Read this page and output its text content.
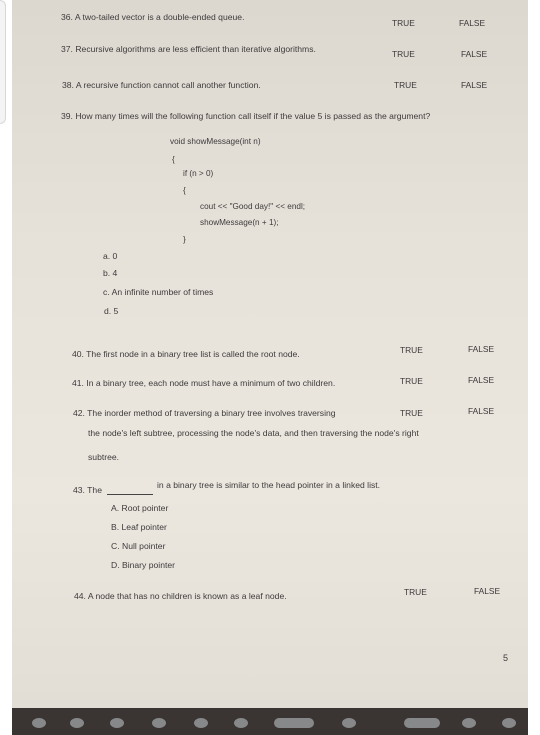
36. A two-tailed vector is a double-ended queue.
TRUE	FALSE
37. Recursive algorithms are less efficient than iterative algorithms.	TRUE	FALSE
38. A recursive function cannot call another function.	TRUE	FALSE
39. How many times will the following function call itself if the value 5 is passed as the argument?
void showMessage(int n)
{
if (n > 0)
{
cout << "Good day!" << endl;
showMessage(n + 1);
}
a. 0
b. 4
c. An infinite number of times
d. 5
40. The first node in a binary tree list is called the root node.	TRUE	FALSE
41. In a binary tree, each node must have a minimum of two children.	TRUE	FALSE
42. The inorder method of traversing a binary tree involves traversing	TRUE	FALSE
the node's left subtree, processing the node's data, and then traversing the node's right
subtree.
43. The	in a binary tree is similar to the head pointer in a linked list.
A. Root pointer
B. Leaf pointer
C. Null pointer
D. Binary pointer
44. A node that has no children is known as a leaf node.	TRUE	FALSE
5
